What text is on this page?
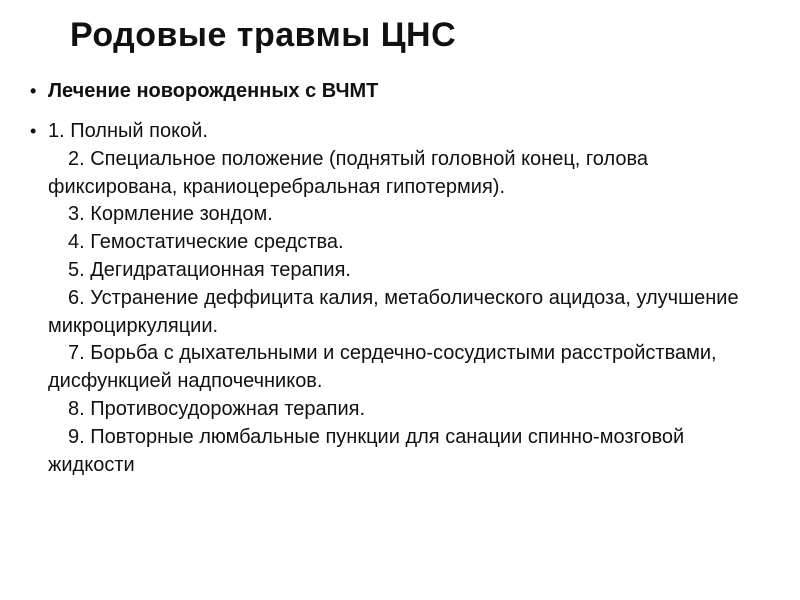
Родовые травмы ЦНС
• Лечение новорожденных с ВЧМТ
• 1. Полный покой.
2. Специальное положение (поднятый головной конец, голова фиксирована, краниоцеребральная гипотермия).
3. Кормление зондом.
4. Гемостатические средства.
5. Дегидратационная терапия.
6. Устранение деффицита калия, метаболического ацидоза, улучшение микроциркуляции.
7. Борьба с дыхательными и сердечно-сосудистыми расстройствами, дисфункцией надпочечников.
8. Противосудорожная терапия.
9. Повторные люмбальные пункции для санации спинно-мозговой жидкости
